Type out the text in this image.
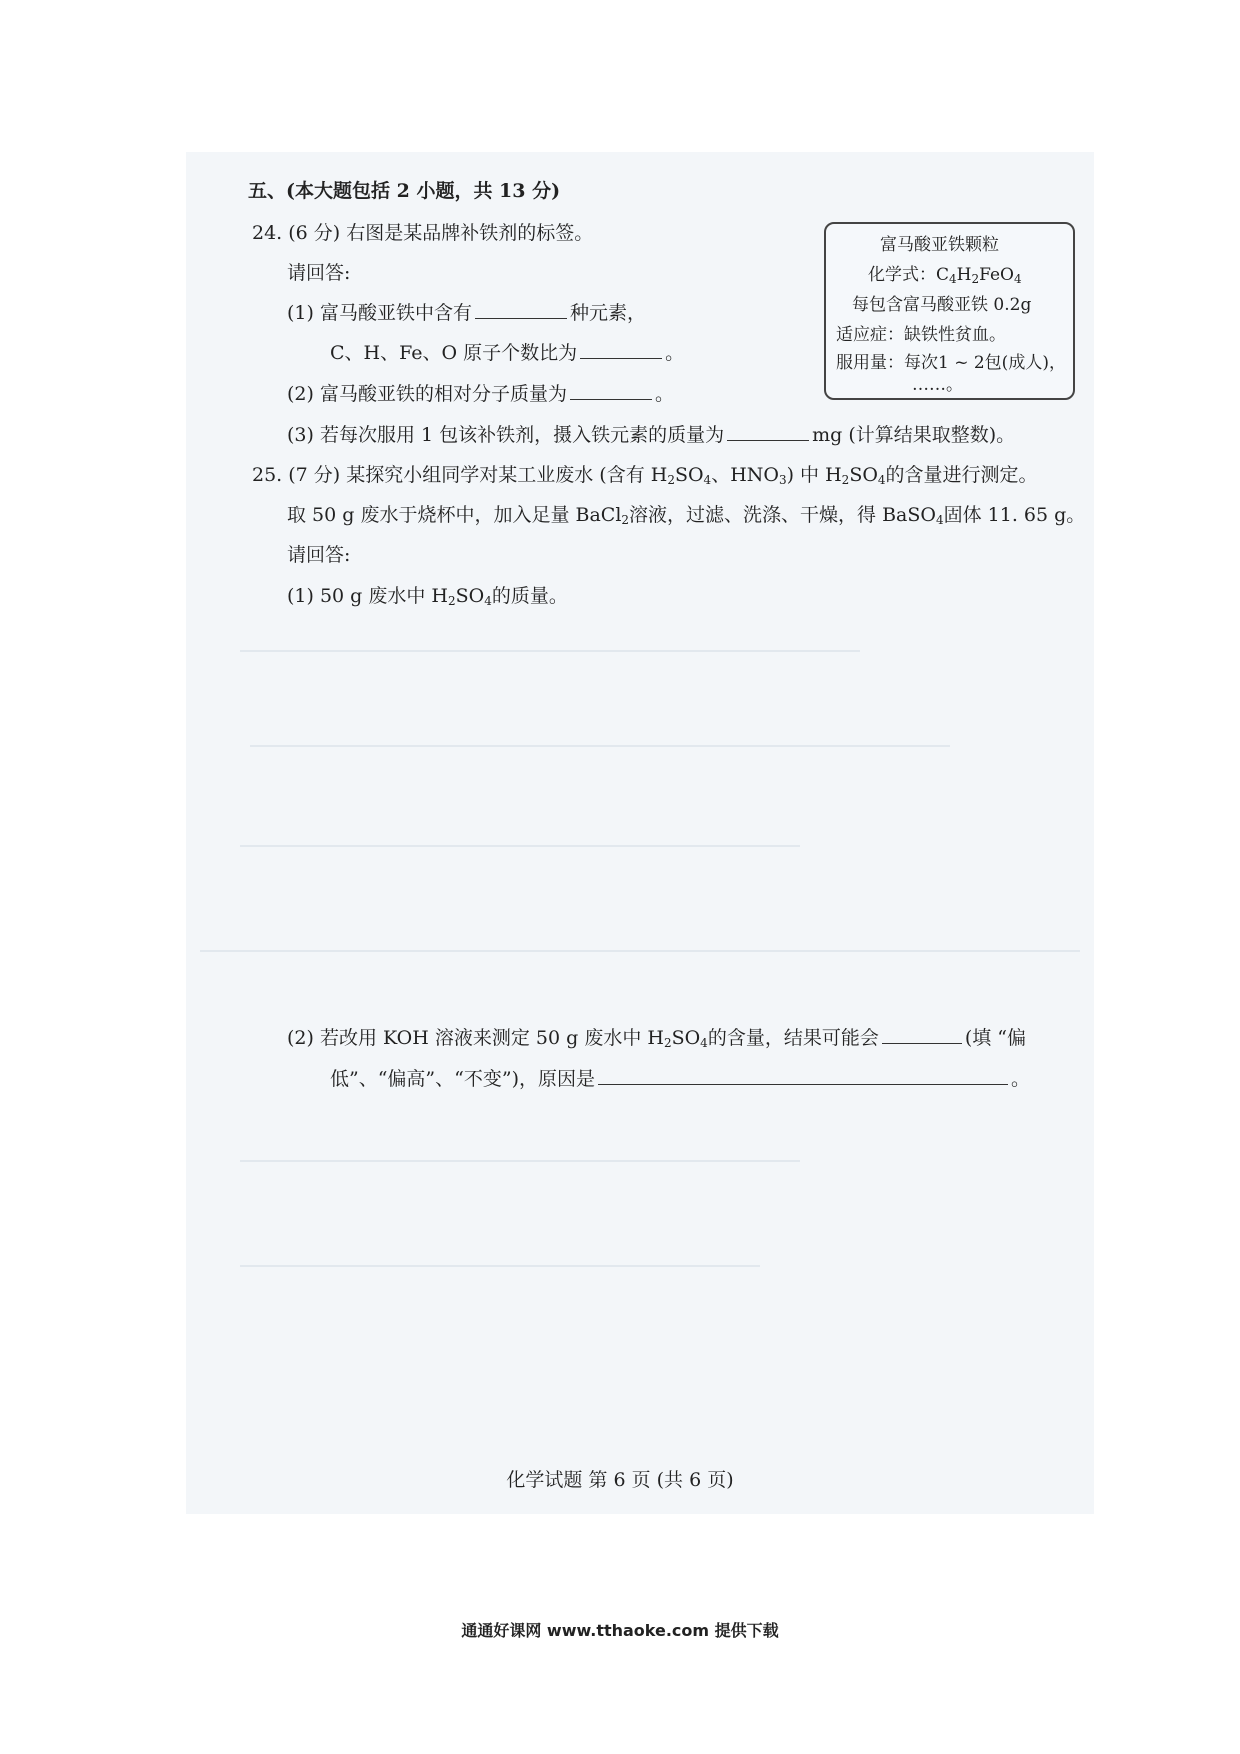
五、(本大题包括 2 小题，共 13 分)
24. (6 分) 右图是某品牌补铁剂的标签。
请回答:
(1) 富马酸亚铁中含有	种元素，
C、H、Fe、O 原子个数比为	。
(2) 富马酸亚铁的相对分子质量为	。
(3) 若每次服用 1 包该补铁剂，摄入铁元素的质量为	mg (计算结果取整数)。
富马酸亚铁颗粒
化学式：$C_4H_2FeO_4$
每包含富马酸亚铁 0.2g
适应症：缺铁性贫血。
服用量：每次1 ~ 2包(成人)，
……。
25. (7 分) 某探究小组同学对某工业废水 (含有 $H_2SO_4$、$HNO_3$) 中 $H_2SO_4$的含量进行测定。
取 50 g 废水于烧杯中，加入足量 BaCl$_2$溶液，过滤、洗涤、干燥，得 BaSO$_4$固体 11. 65 g。
请回答:
(1) 50 g 废水中 $H_2SO_4$的质量。
(2) 若改用 KOH 溶液来测定 50 g 废水中 $H_2SO_4$的含量，结果可能会	(填 “偏
低”、“偏高”、“不变”)，原因是	。
化学试题 第 6 页 (共 6 页)
通通好课网 www.tthaoke.com 提供下载
